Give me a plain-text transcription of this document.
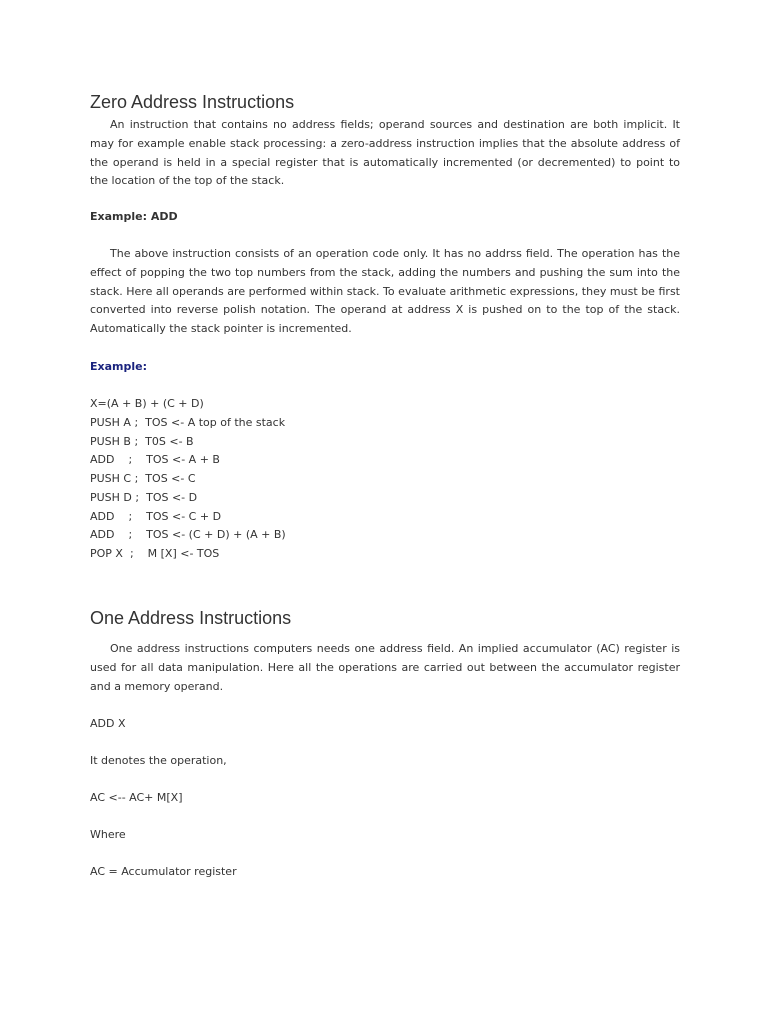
Zero Address Instructions

An instruction that contains no address fields; operand sources and destination are both implicit. It may for example enable stack processing: a zero-address instruction implies that the absolute address of the operand is held in a special register that is automatically incremented (or decremented) to point to the location of the top of the stack.

Example: ADD

The above instruction consists of an operation code only. It has no addrss field. The operation has the effect of popping the two top numbers from the stack, adding the numbers and pushing the sum into the stack. Here all operands are performed within stack. To evaluate arithmetic expressions, they must be first converted into reverse polish notation. The operand at address X is pushed on to the top of the stack. Automatically the stack pointer is incremented.

Example:

X=(A + B) + (C + D)

PUSH A ;  TOS <- A top of the stack

PUSH B ;  T0S <- B

ADD    ;    TOS <- A + B

PUSH C ;  TOS <- C

PUSH D ;  TOS <- D

ADD    ;    TOS <- C + D

ADD    ;    TOS <- (C + D) + (A + B)

POP X  ;    M [X] <- TOS

One Address Instructions

One address instructions computers needs one address field. An implied accumulator (AC) register is used for all data manipulation. Here all the operations are carried out between the accumulator register and a memory operand.

ADD X

It denotes the operation,

AC <-- AC+ M[X]

Where

AC = Accumulator register
